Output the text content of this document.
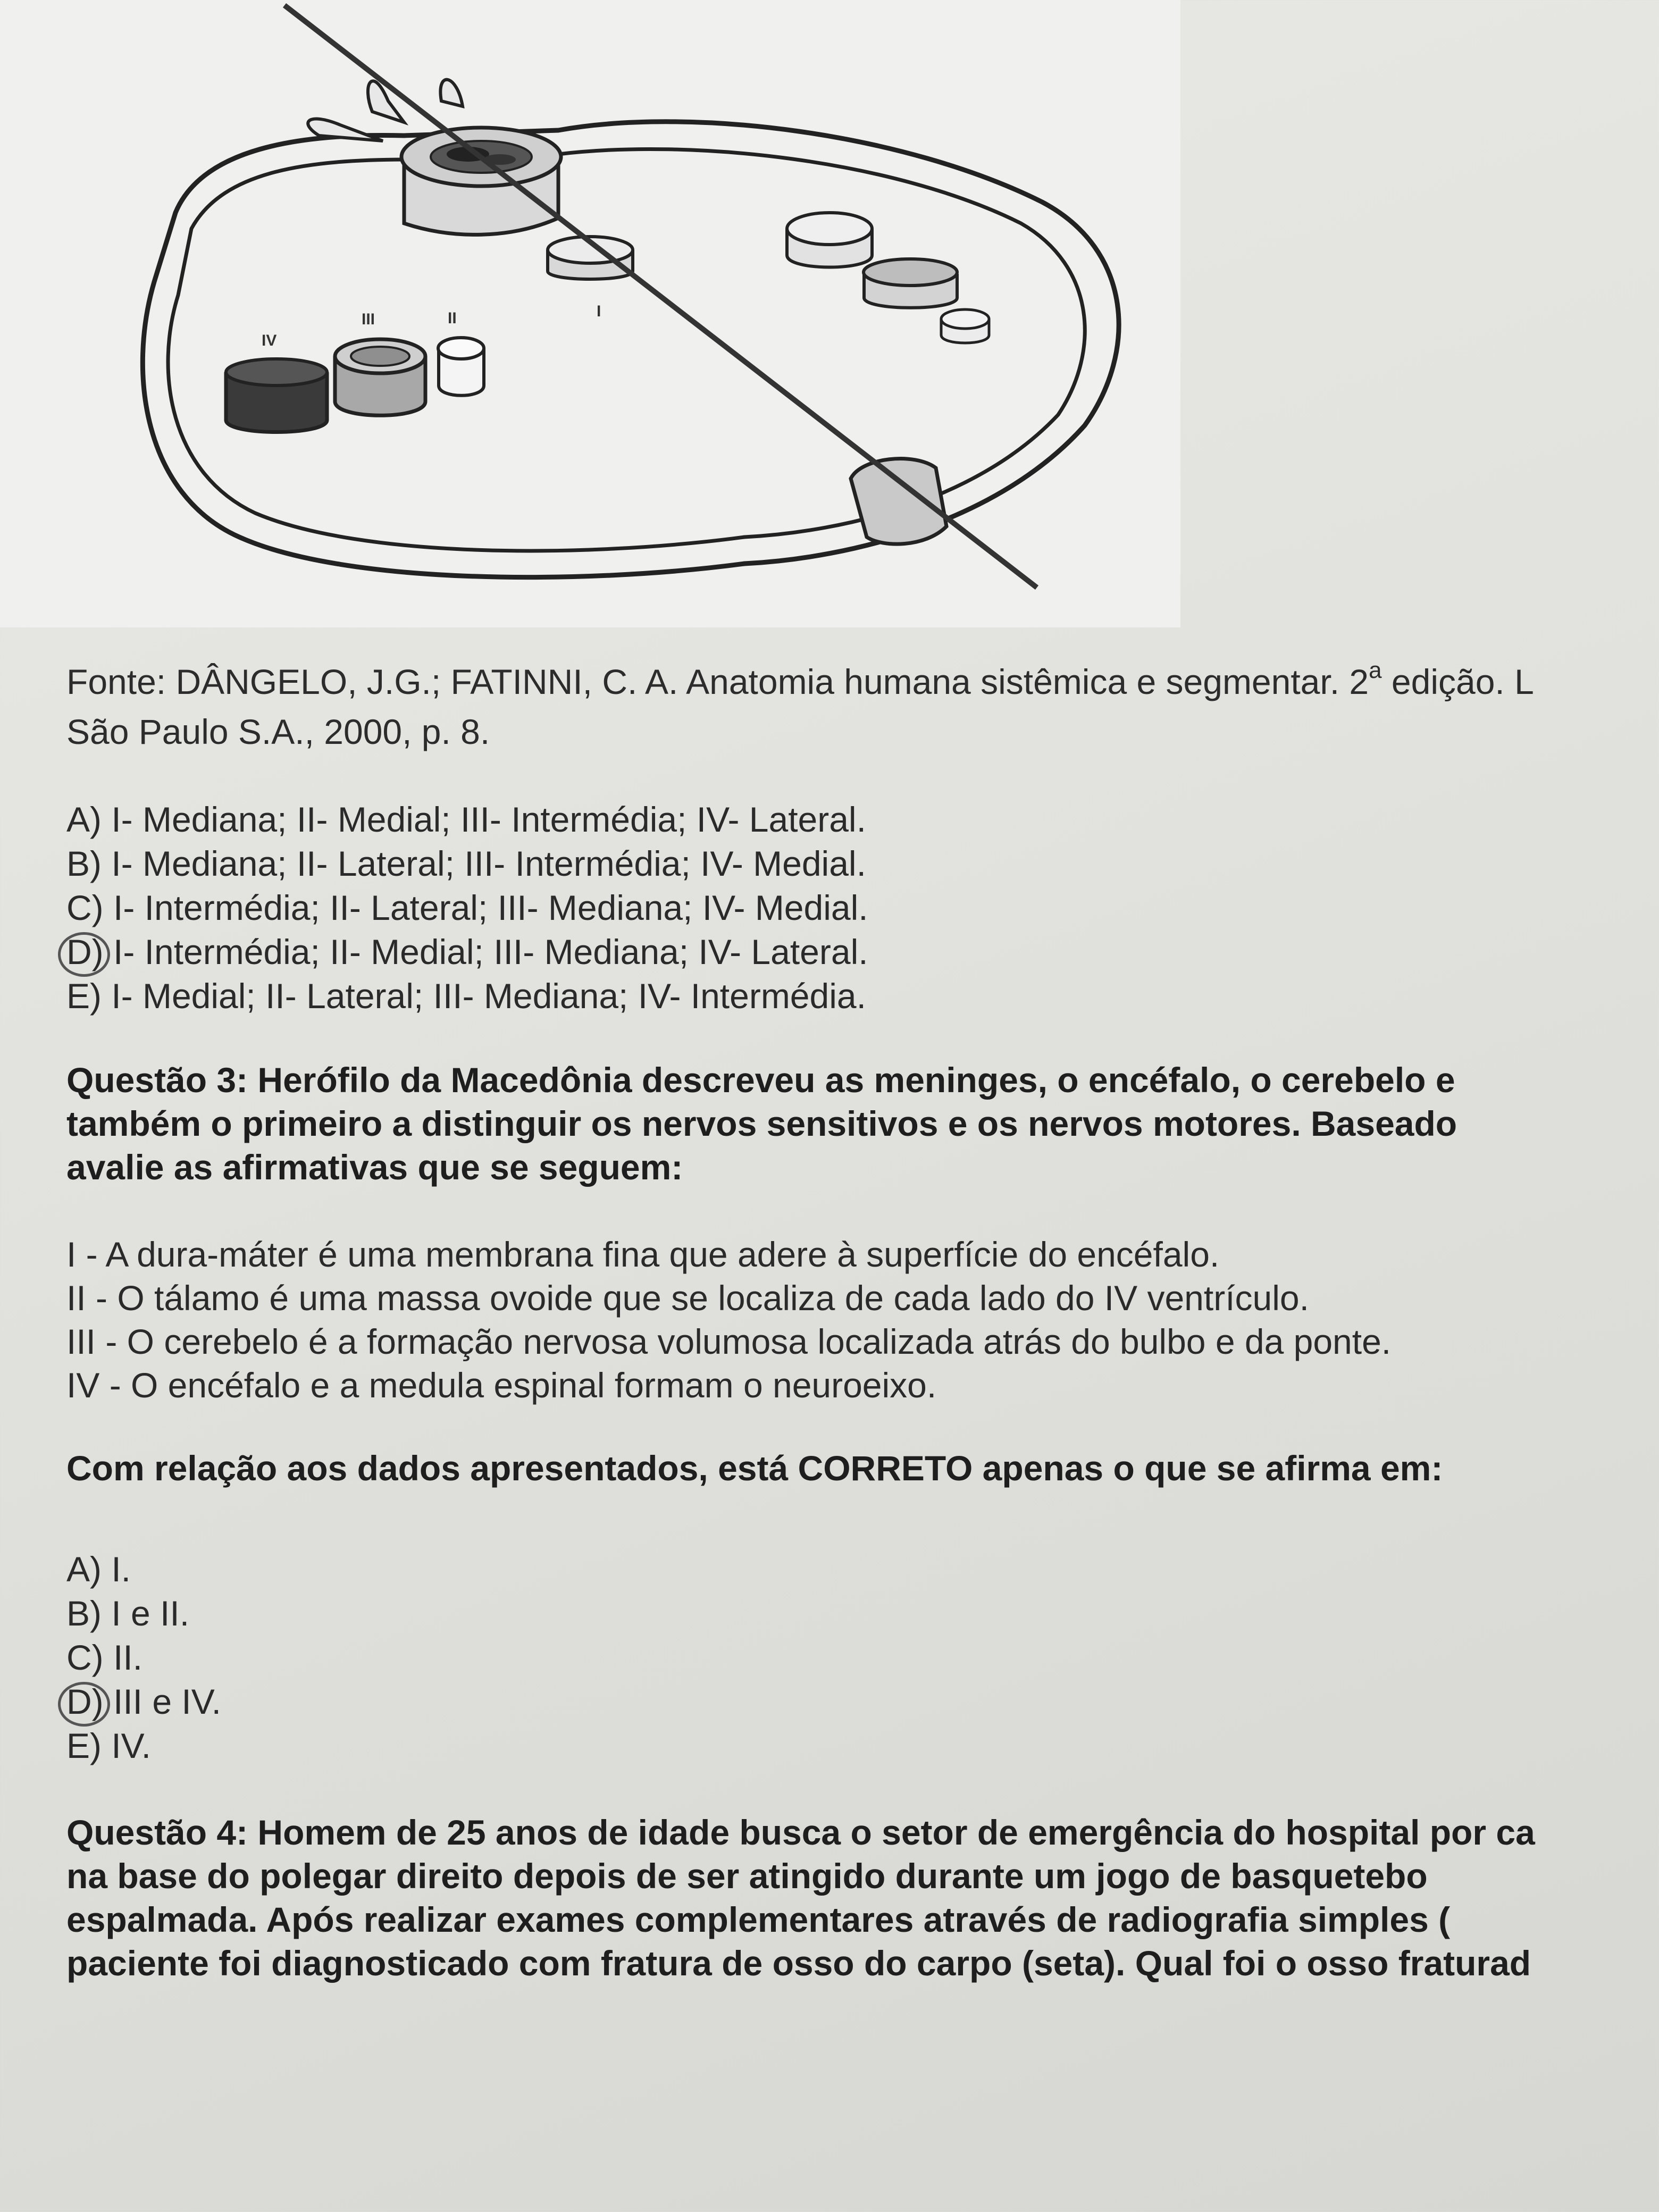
IV
III	II	I
Fonte: DÂNGELO, J.G.; FATINNI, C. A. Anatomia humana sistêmica e segmentar. 2$^a$ edição. L
São Paulo S.A., 2000, p. 8.
A) I- Mediana; II- Medial; III- Intermédia; IV- Lateral.
B) I- Mediana; II- Lateral; III- Intermédia; IV- Medial.
C) I- Intermédia; II- Lateral; III- Mediana; IV- Medial.
D) I- Intermédia; II- Medial; III- Mediana; IV- Lateral.
E) I- Medial; II- Lateral; III- Mediana; IV- Intermédia.
Questão 3: Herófilo da Macedônia descreveu as meninges, o encéfalo, o cerebelo e
também o primeiro a distinguir os nervos sensitivos e os nervos motores. Baseado
avalie as afirmativas que se seguem:
I - A dura-máter é uma membrana fina que adere à superfície do encéfalo.
II - O tálamo é uma massa ovoide que se localiza de cada lado do IV ventrículo.
III - O cerebelo é a formação nervosa volumosa localizada atrás do bulbo e da ponte.
IV - O encéfalo e a medula espinal formam o neuroeixo.
Com relação aos dados apresentados, está CORRETO apenas o que se afirma em:
A) I.
B) I e II.
C) II.
D) III e IV.
E) IV.
Questão 4: Homem de 25 anos de idade busca o setor de emergência do hospital por ca
na base do polegar direito depois de ser atingido durante um jogo de basquetebo
espalmada. Após realizar exames complementares através de radiografia simples (
paciente foi diagnosticado com fratura de osso do carpo (seta). Qual foi o osso fraturad
